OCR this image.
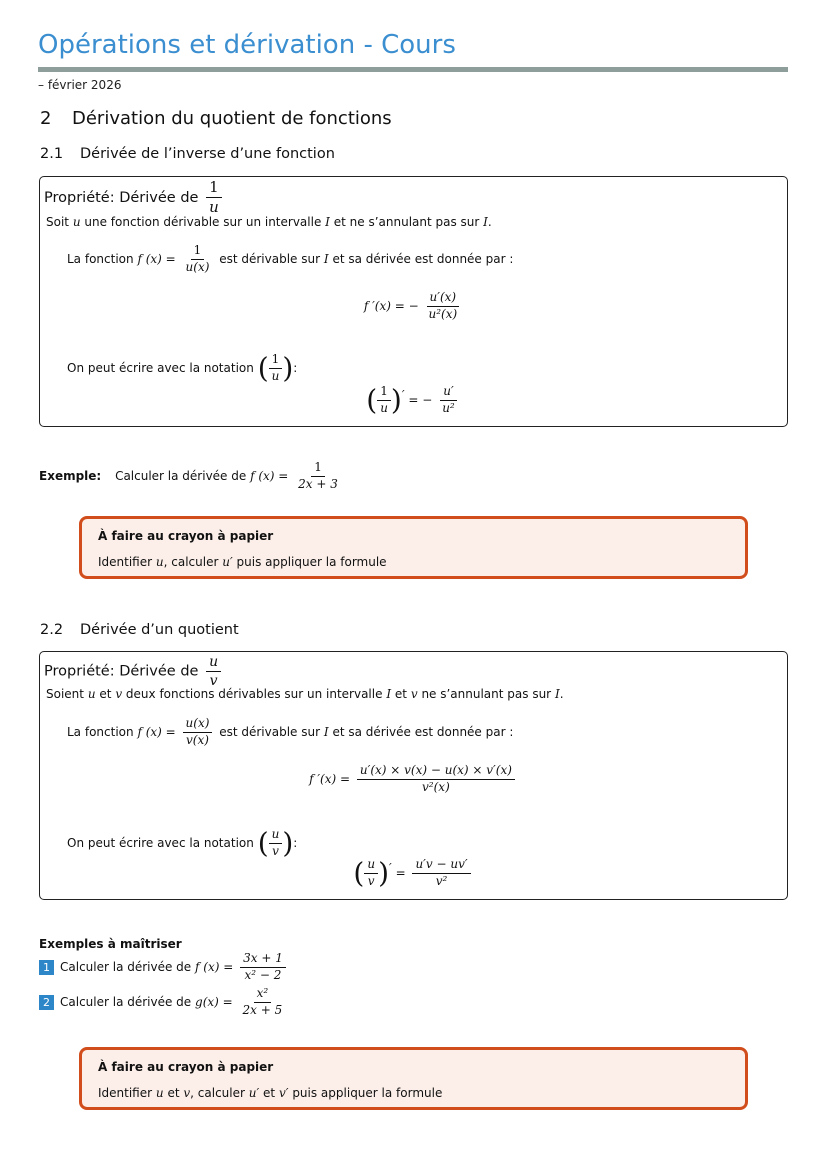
Opérations et dérivation - Cours
– février 2026
2 Dérivation du quotient de fonctions
2.1 Dérivée de l’inverse d’une fonction
Propriété: Dérivée de $\frac{1}{u}$
Soit u une fonction dérivable sur un intervalle I et ne s’annulant pas sur I.
La fonction f $(x) = \frac{1}{u(x)}$ est dérivable sur I et sa dérivée est donnée par :
f ′(x) = − $\frac{u'(x)}{\text{u²(x)}}$
On peut écrire avec la notation ( $\frac{1}{u}$ ):
( $\frac{1}{u} )'$ = − $\frac{u'}{\text{u²}}$
Exemple: Calculer la dérivée de f $(x) = \frac{1}{2x + 3}$
À faire au crayon à papier
Identifier u, calculer u′ puis appliquer la formule
2.2 Dérivée d’un quotient
Propriété: Dérivée de $\frac{u}{v}$
Soient u et v deux fonctions dérivables sur un intervalle I et v ne s’annulant pas sur I.
La fonction f $(x) = \frac{u(x)}{v(x)}$ est dérivable sur I et sa dérivée est donnée par :
f $'(x) = \frac{u'(x) \times v(x) - u(x) \times v'(x)}{\text{v²(x)}}$
On peut écrire avec la notation ( $\frac{u}{v}$ ):
( $\frac{u}{v} )' = \frac{u'v - uv'}{\text{v²}}$
Exemples à maîtriser
1 Calculer la dérivée de f $(x) = \frac{3x + 1}{\text{x² − 2}}$
2 Calculer la dérivée de $g(x) = \frac{\text{x²}}{2x + 5}$
À faire au crayon à papier
Identifier u et v, calculer u′ et v′ puis appliquer la formule
